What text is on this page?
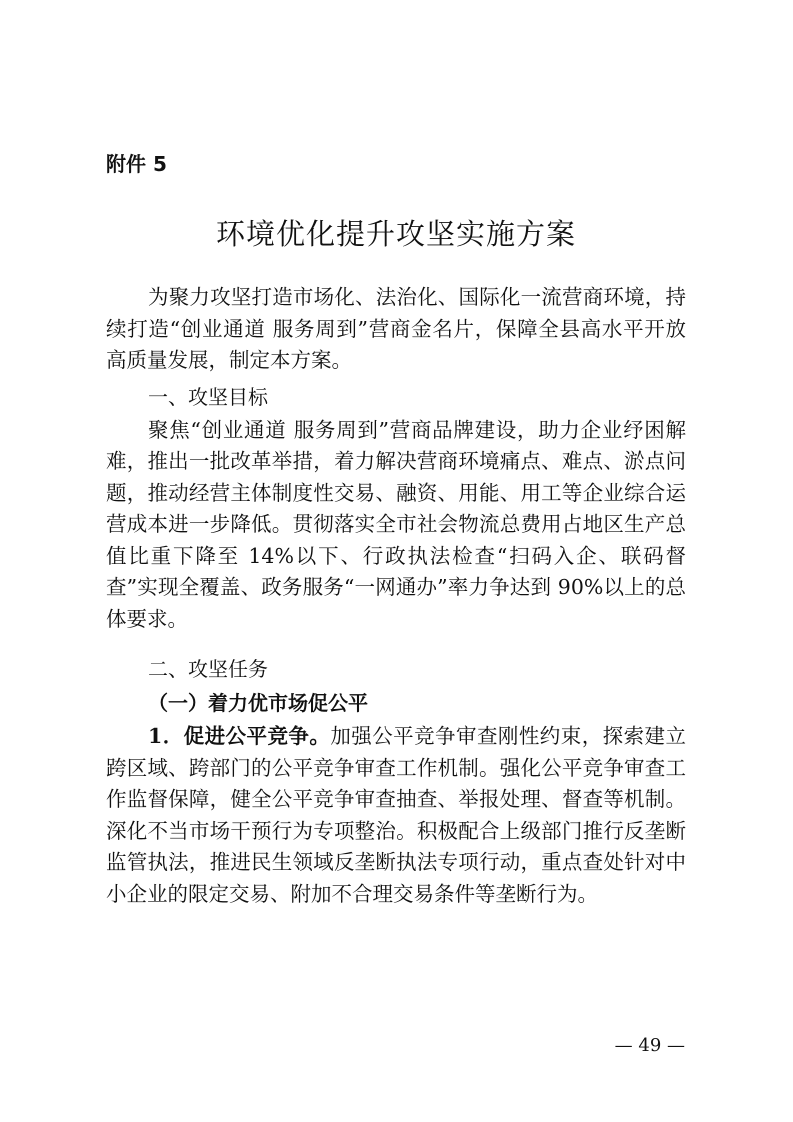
附件 5
环境优化提升攻坚实施方案

为聚力攻坚打造市场化、法治化、国际化一流营商环境，持续打造“创业通道 服务周到”营商金名片，保障全县高水平开放高质量发展，制定本方案。

一、攻坚目标

聚焦“创业通道 服务周到”营商品牌建设，助力企业纾困解难，推出一批改革举措，着力解决营商环境痛点、难点、淤点问题，推动经营主体制度性交易、融资、用能、用工等企业综合运营成本进一步降低。贯彻落实全市社会物流总费用占地区生产总值比重下降至 14%以下、行政执法检查“扫码入企、联码督查”实现全覆盖、政务服务“一网通办”率力争达到 90%以上的总体要求。

二、攻坚任务
（一）着力优市场促公平

1．促进公平竞争。加强公平竞争审查刚性约束，探索建立跨区域、跨部门的公平竞争审查工作机制。强化公平竞争审查工作监督保障，健全公平竞争审查抽查、举报处理、督查等机制。深化不当市场干预行为专项整治。积极配合上级部门推行反垄断监管执法，推进民生领域反垄断执法专项行动，重点查处针对中小企业的限定交易、附加不合理交易条件等垄断行为。

— 49 —
